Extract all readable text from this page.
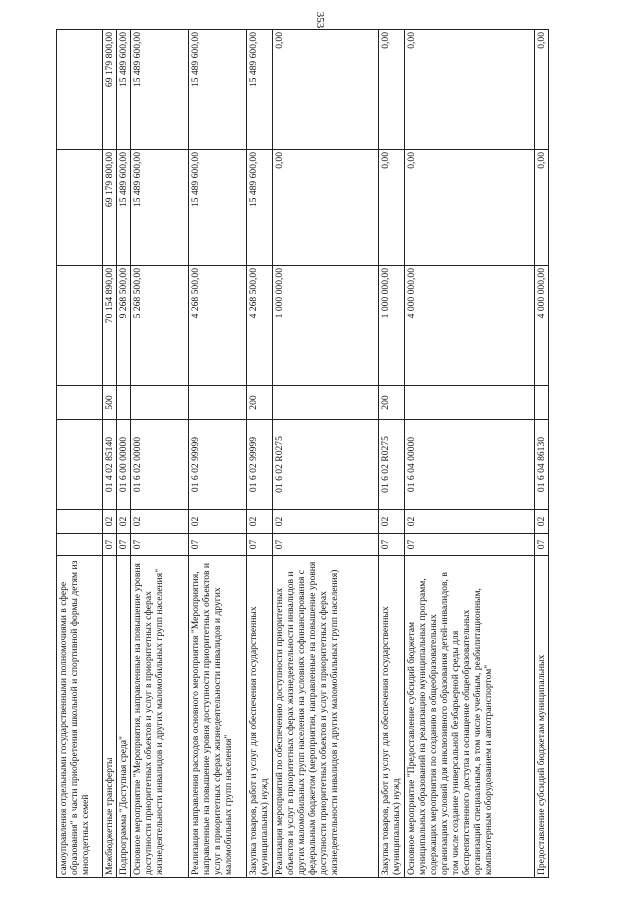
353
самоуправления отдельными государственными полномочиями в сфере образования" в части приобретения школьной и спортивной формы детям из многодетных семей							
Межбюджетные трансферты	07	02	01 4 02 85140	500	70 154 890,00	69 179 800,00	69 179 800,00
Подпрограмма "Доступная среда"	07	02	01 6 00 00000		9 268 500,00	15 489 600,00	15 489 600,00
Основное мероприятие "Мероприятия, направленные на повышение уровня доступности приоритетных объектов и услуг в приоритетных сферах жизнедеятельности инвалидов и других маломобильных групп населения"	07	02	01 6 02 00000		5 268 500,00	15 489 600,00	15 489 600,00
Реализация направления расходов основного мероприятия "Мероприятия, направленные на повышение уровня доступности приоритетных объектов и услуг в приоритетных сферах жизнедеятельности инвалидов и других маломобильных групп населения"	07	02	01 6 02 99999		4 268 500,00	15 489 600,00	15 489 600,00
Закупка товаров, работ и услуг для обеспечения государственных (муниципальных) нужд	07	02	01 6 02 99999	200	4 268 500,00	15 489 600,00	15 489 600,00
Реализация мероприятий по обеспечению доступности приоритетных объектов и услуг в приоритетных сферах жизнедеятельности инвалидов и других маломобильных групп населения на условиях софинансирования с федеральным бюджетом (мероприятия, направленные на повышение уровня доступности приоритетных объектов и услуг в приоритетных сферах жизнедеятельности инвалидов и других маломобильных групп населения)	07	02	01 6 02 R0275		1 000 000,00	0,00	0,00
Закупка товаров, работ и услуг для обеспечения государственных (муниципальных) нужд	07	02	01 6 02 R0275	200	1 000 000,00	0,00	0,00
Основное мероприятие "Предоставление субсидий бюджетам муниципальных образований на реализацию муниципальных программ, содержащих мероприятия по созданию в общеобразовательных организациях условий для инклюзивного образования детей-инвалидов, в том числе создание универсальной безбарьерной среды для беспрепятственного доступа и оснащение общеобразовательных организаций специальным, в том числе учебным, реабилитационным, компьютерным оборудованием и автотранспортом"	07	02	01 6 04 00000		4 000 000,00	0,00	0,00
Предоставление субсидий бюджетам муниципальных	07	02	01 6 04 86130		4 000 000,00	0,00	0,00
